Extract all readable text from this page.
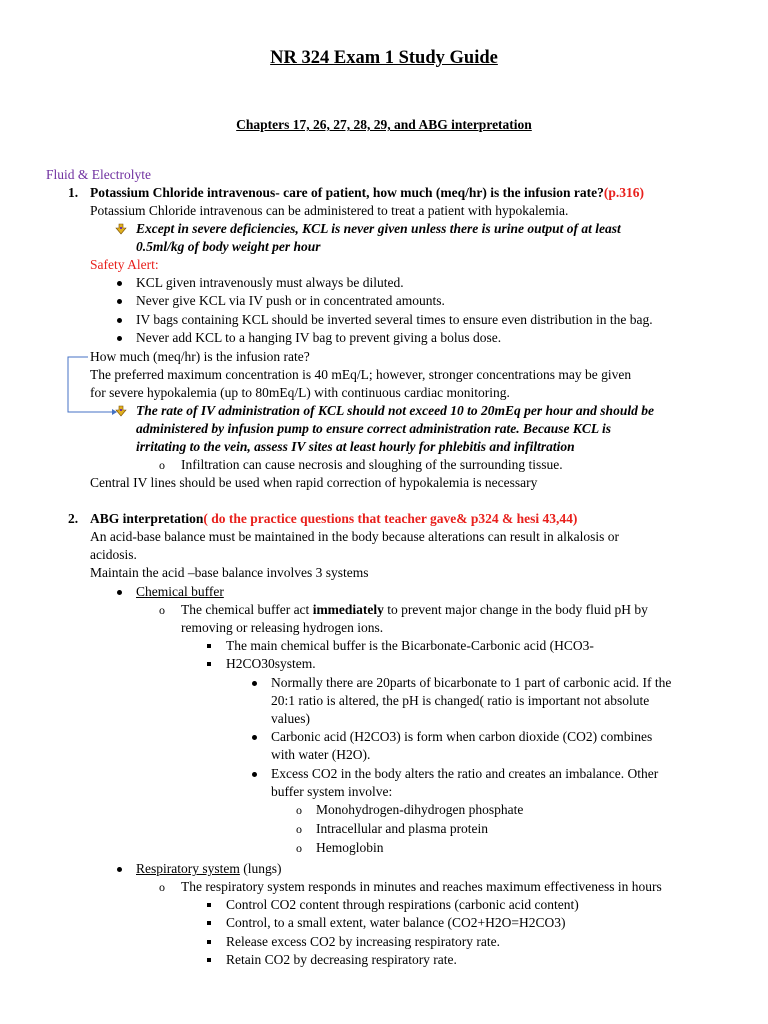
NR 324 Exam 1 Study Guide
Chapters 17, 26, 27, 28, 29, and ABG interpretation
Fluid & Electrolyte
1. Potassium Chloride intravenous- care of patient, how much (meq/hr) is the infusion rate?(p.316)
Potassium Chloride intravenous can be administered to treat a patient with hypokalemia.
Except in severe deficiencies, KCL is never given unless there is urine output of at least
0.5ml/kg of body weight per hour
Safety Alert:
KCL given intravenously must always be diluted.
Never give KCL via IV push or in concentrated amounts.
IV bags containing KCL should be inverted several times to ensure even distribution in the bag.
Never add KCL to a hanging IV bag to prevent giving a bolus dose.
How much (meq/hr) is the infusion rate?
The preferred maximum concentration is 40 mEq/L; however, stronger concentrations may be given
for severe hypokalemia (up to 80mEq/L) with continuous cardiac monitoring.
The rate of IV administration of KCL should not exceed 10 to 20mEq per hour and should be
administered by infusion pump to ensure correct administration rate. Because KCL is
irritating to the vein, assess IV sites at least hourly for phlebitis and infiltration
o Infiltration can cause necrosis and sloughing of the surrounding tissue.
Central IV lines should be used when rapid correction of hypokalemia is necessary
2. ABG interpretation( do the practice questions that teacher gave& p324 & hesi 43,44)
An acid-base balance must be maintained in the body because alterations can result in alkalosis or
acidosis.
Maintain the acid –base balance involves 3 systems
Chemical buffer
o The chemical buffer act immediately to prevent major change in the body fluid pH by
removing or releasing hydrogen ions.
The main chemical buffer is the Bicarbonate-Carbonic acid (HCO3-
H2CO30system.
Normally there are 20parts of bicarbonate to 1 part of carbonic acid. If the
20:1 ratio is altered, the pH is changed( ratio is important not absolute
values)
Carbonic acid (H2CO3) is form when carbon dioxide (CO2) combines
with water (H2O).
Excess CO2 in the body alters the ratio and creates an imbalance. Other
buffer system involve:
o Monohydrogen-dihydrogen phosphate
o Intracellular and plasma protein
o Hemoglobin
Respiratory system (lungs)
o The respiratory system responds in minutes and reaches maximum effectiveness in hours
Control CO2 content through respirations (carbonic acid content)
Control, to a small extent, water balance (CO2+H2O=H2CO3)
Release excess CO2 by increasing respiratory rate.
Retain CO2 by decreasing respiratory rate.
